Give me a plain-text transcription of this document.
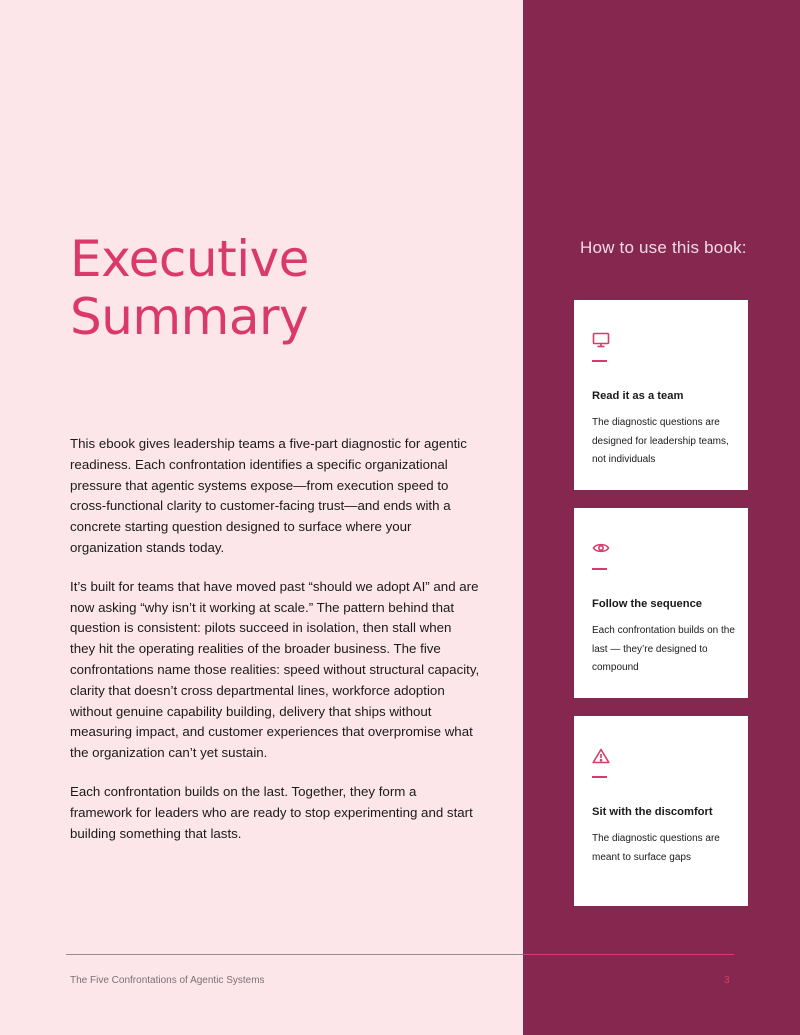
Executive
Summary

This ebook gives leadership teams a five-part diagnostic for agentic readiness. Each confrontation identifies a specific organizational pressure that agentic systems expose—from execution speed to cross-functional clarity to customer-facing trust—and ends with a concrete starting question designed to surface where your organization stands today.

It’s built for teams that have moved past “should we adopt AI” and are now asking “why isn’t it working at scale.” The pattern behind that question is consistent: pilots succeed in isolation, then stall when they hit the operating realities of the broader business. The five confrontations name those realities: speed without structural capacity, clarity that doesn’t cross departmental lines, workforce adoption without genuine capability building, delivery that ships without measuring impact, and customer experiences that overpromise what the organization can’t yet sustain.

Each confrontation builds on the last. Together, they form a framework for leaders who are ready to stop experimenting and start building something that lasts.

How to use this book:
Read it as a team
The diagnostic questions are designed for leadership teams, not individuals
Follow the sequence
Each confrontation builds on the last — they’re designed to compound
Sit with the discomfort
The diagnostic questions are meant to surface gaps
The Five Confrontations of Agentic Systems	3
